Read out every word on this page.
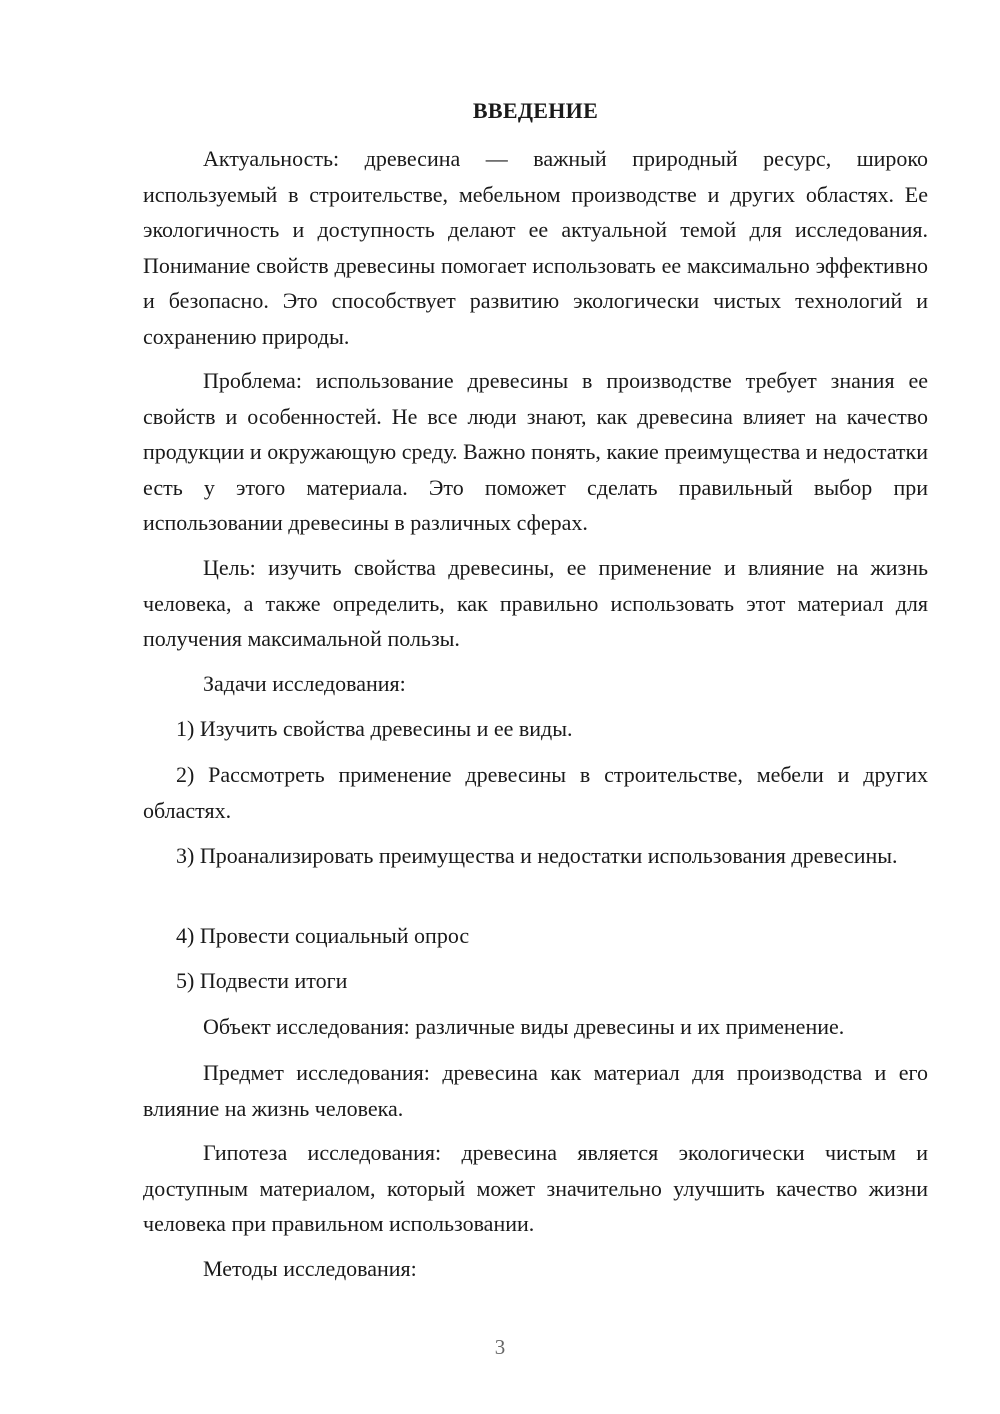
ВВЕДЕНИЕ

Актуальность: древесина — важный природный ресурс, широко используемый в строительстве, мебельном производстве и других областях. Ее экологичность и доступность делают ее актуальной темой для исследования. Понимание свойств древесины помогает использовать ее максимально эффективно и безопасно. Это способствует развитию экологически чистых технологий и сохранению природы.

Проблема: использование древесины в производстве требует знания ее свойств и особенностей. Не все люди знают, как древесина влияет на качество продукции и окружающую среду. Важно понять, какие преимущества и недостатки есть у этого материала. Это поможет сделать правильный выбор при использовании древесины в различных сферах.

Цель: изучить свойства древесины, ее применение и влияние на жизнь человека, а также определить, как правильно использовать этот материал для получения максимальной пользы.

Задачи исследования:

1) Изучить свойства древесины и ее виды.

2) Рассмотреть применение древесины в строительстве, мебели и других областях.

3) Проанализировать преимущества и недостатки использования древесины.

4) Провести социальный опрос

5) Подвести итоги

Объект исследования: различные виды древесины и их применение.

Предмет исследования: древесина как материал для производства и его влияние на жизнь человека.

Гипотеза исследования: древесина является экологически чистым и доступным материалом, который может значительно улучшить качество жизни человека при правильном использовании.

Методы исследования:

3
